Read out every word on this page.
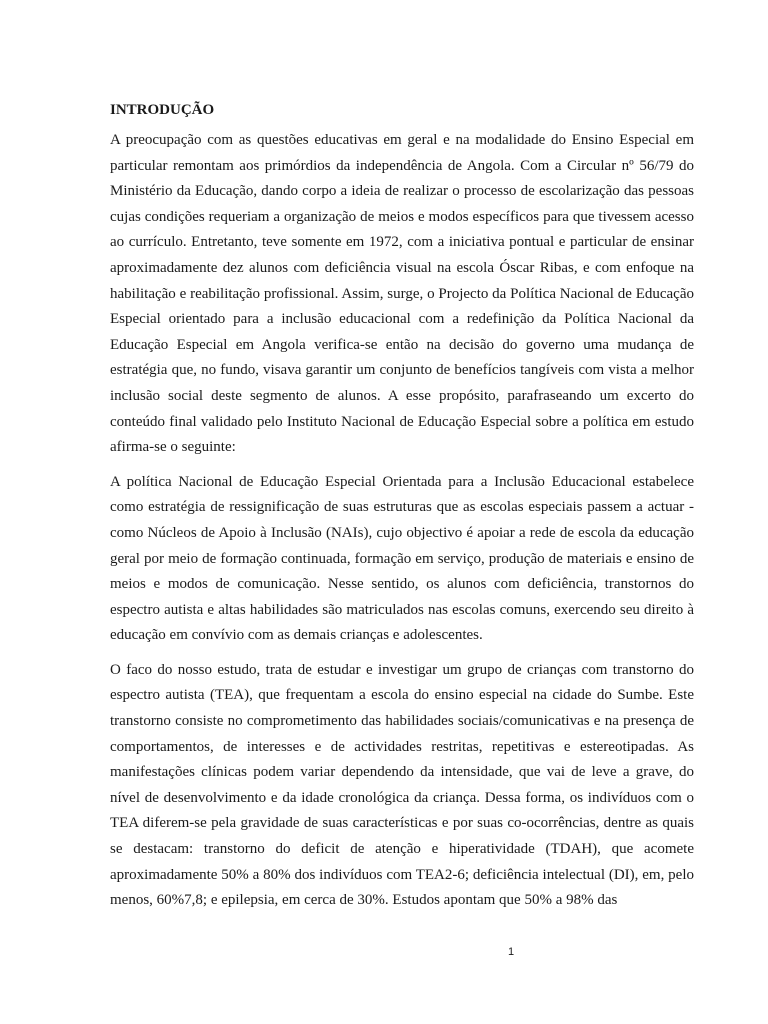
INTRODUÇÃO

A preocupação com as questões educativas em geral e na modalidade do Ensino Especial em particular remontam aos primórdios da independência de Angola. Com a Circular nº 56/79 do Ministério da Educação, dando corpo a ideia de realizar o processo de escolarização das pessoas cujas condições requeriam a organização de meios e modos específicos para que tivessem acesso ao currículo. Entretanto, teve somente em 1972, com a iniciativa pontual e particular de ensinar aproximadamente dez alunos com deficiência visual na escola Óscar Ribas, e com enfoque na habilitação e reabilitação profissional. Assim, surge, o Projecto da Política Nacional de Educação Especial orientado para a inclusão educacional com a redefinição da Política Nacional da Educação Especial em Angola verifica-se então na decisão do governo uma mudança de estratégia que, no fundo, visava garantir um conjunto de benefícios tangíveis com vista a melhor inclusão social deste segmento de alunos. A esse propósito, parafraseando um excerto do conteúdo final validado pelo Instituto Nacional de Educação Especial sobre a política em estudo afirma-se o seguinte:

A política Nacional de Educação Especial Orientada para a Inclusão Educacional estabelece como estratégia de ressignificação de suas estruturas que as escolas especiais passem a actuar -como Núcleos de Apoio à Inclusão (NAIs), cujo objectivo é apoiar a rede de escola da educação geral por meio de formação continuada, formação em serviço, produção de materiais e ensino de meios e modos de comunicação. Nesse sentido, os alunos com deficiência, transtornos do espectro autista e altas habilidades são matriculados nas escolas comuns, exercendo seu direito à educação em convívio com as demais crianças e adolescentes.

O faco do nosso estudo, trata de estudar e investigar um grupo de crianças com transtorno do espectro autista (TEA), que frequentam a escola do ensino especial na cidade do Sumbe. Este transtorno consiste no comprometimento das habilidades sociais/comunicativas e na presença de comportamentos, de interesses e de actividades restritas, repetitivas e estereotipadas. As manifestações clínicas podem variar dependendo da intensidade, que vai de leve a grave, do nível de desenvolvimento e da idade cronológica da criança. Dessa forma, os indivíduos com o TEA diferem-se pela gravidade de suas características e por suas co-ocorrências, dentre as quais se destacam: transtorno do deficit de atenção e hiperatividade (TDAH), que acomete aproximadamente 50% a 80% dos indivíduos com TEA2-6; deficiência intelectual (DI), em, pelo menos, 60%7,8; e epilepsia, em cerca de 30%. Estudos apontam que 50% a 98% das

1
